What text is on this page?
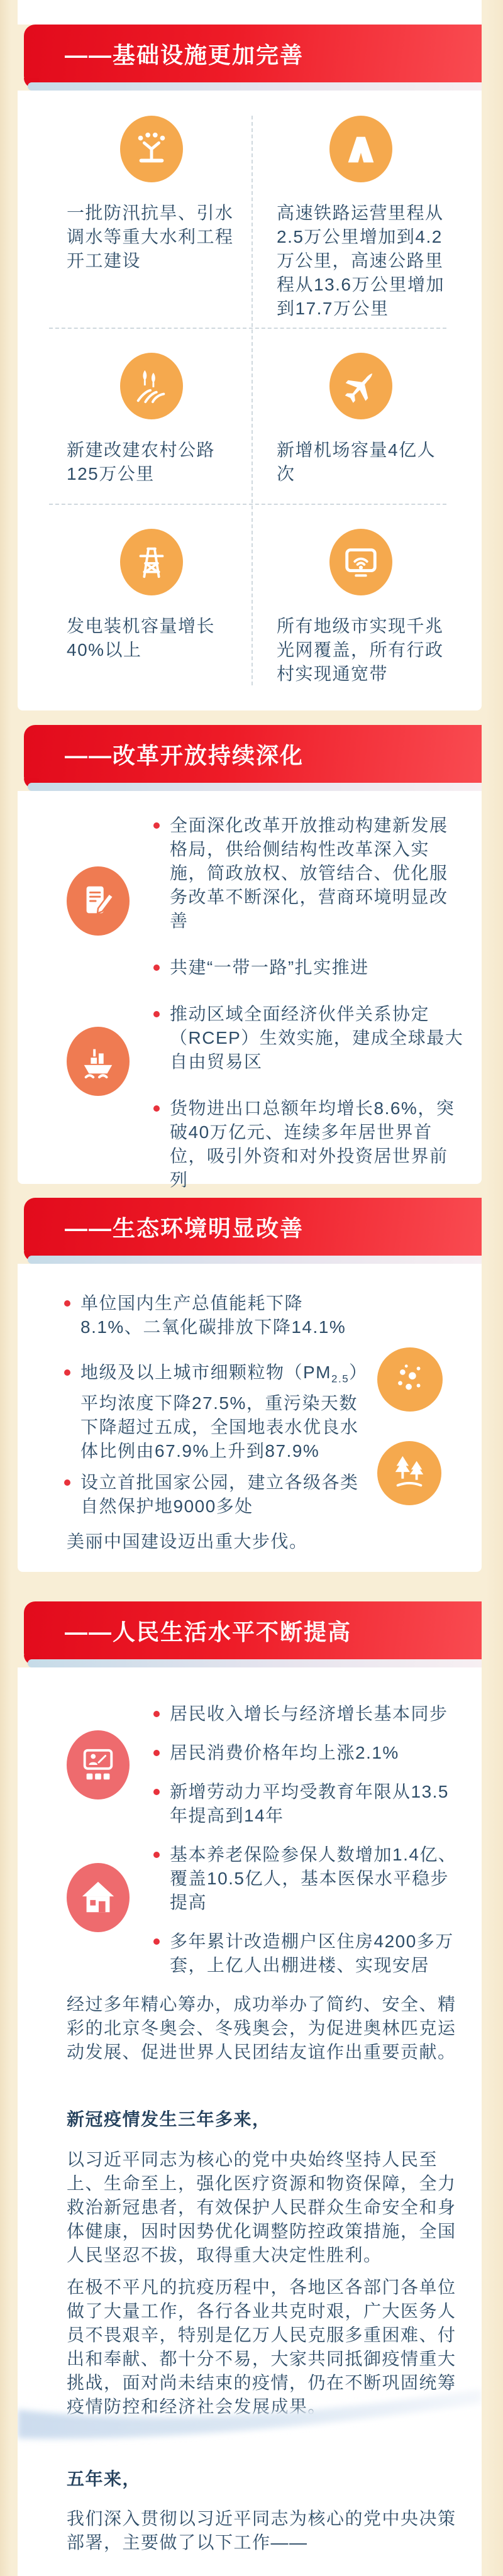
——基础设施更加完善
一批防汛抗旱、引水调水等重大水利工程开工建设
高速铁路运营里程从2.5万公里增加到4.2万公里，高速公路里程从13.6万公里增加到17.7万公里
新建改建农村公路125万公里
新增机场容量4亿人次
发电装机容量增长40%以上
所有地级市实现千兆光网覆盖，所有行政村实现通宽带
——改革开放持续深化
全面深化改革开放推动构建新发展格局，供给侧结构性改革深入实施，简政放权、放管结合、优化服务改革不断深化，营商环境明显改善
共建“一带一路”扎实推进
推动区域全面经济伙伴关系协定（RCEP）生效实施，建成全球最大自由贸易区
货物进出口总额年均增长8.6%，突破40万亿元、连续多年居世界首位，吸引外资和对外投资居世界前列
——生态环境明显改善
单位国内生产总值能耗下降8.1%、二氧化碳排放下降14.1%
地级及以上城市细颗粒物$(PM_{2.5})$平均浓度下降27.5%，重污染天数下降超过五成，全国地表水优良水体比例由67.9%上升到87.9%
设立首批国家公园，建立各级各类自然保护地9000多处
美丽中国建设迈出重大步伐。
——人民生活水平不断提高
居民收入增长与经济增长基本同步
居民消费价格年均上涨2.1%
新增劳动力平均受教育年限从13.5年提高到14年
基本养老保险参保人数增加1.4亿、覆盖10.5亿人，基本医保水平稳步提高
多年累计改造棚户区住房4200多万套，上亿人出棚进楼、实现安居
经过多年精心筹办，成功举办了简约、安全、精彩的北京冬奥会、冬残奥会，为促进奥林匹克运动发展、促进世界人民团结友谊作出重要贡献。
新冠疫情发生三年多来，
以习近平同志为核心的党中央始终坚持人民至上、生命至上，强化医疗资源和物资保障，全力救治新冠患者，有效保护人民群众生命安全和身体健康，因时因势优化调整防控政策措施，全国人民坚忍不拔，取得重大决定性胜利。
在极不平凡的抗疫历程中，各地区各部门各单位做了大量工作，各行各业共克时艰，广大医务人员不畏艰辛，特别是亿万人民克服多重困难、付出和奉献、都十分不易，大家共同抵御疫情重大挑战，面对尚未结束的疫情，仍在不断巩固统筹疫情防控和经济社会发展成果。
五年来，
我们深入贯彻以习近平同志为核心的党中央决策部署，主要做了以下工作——
